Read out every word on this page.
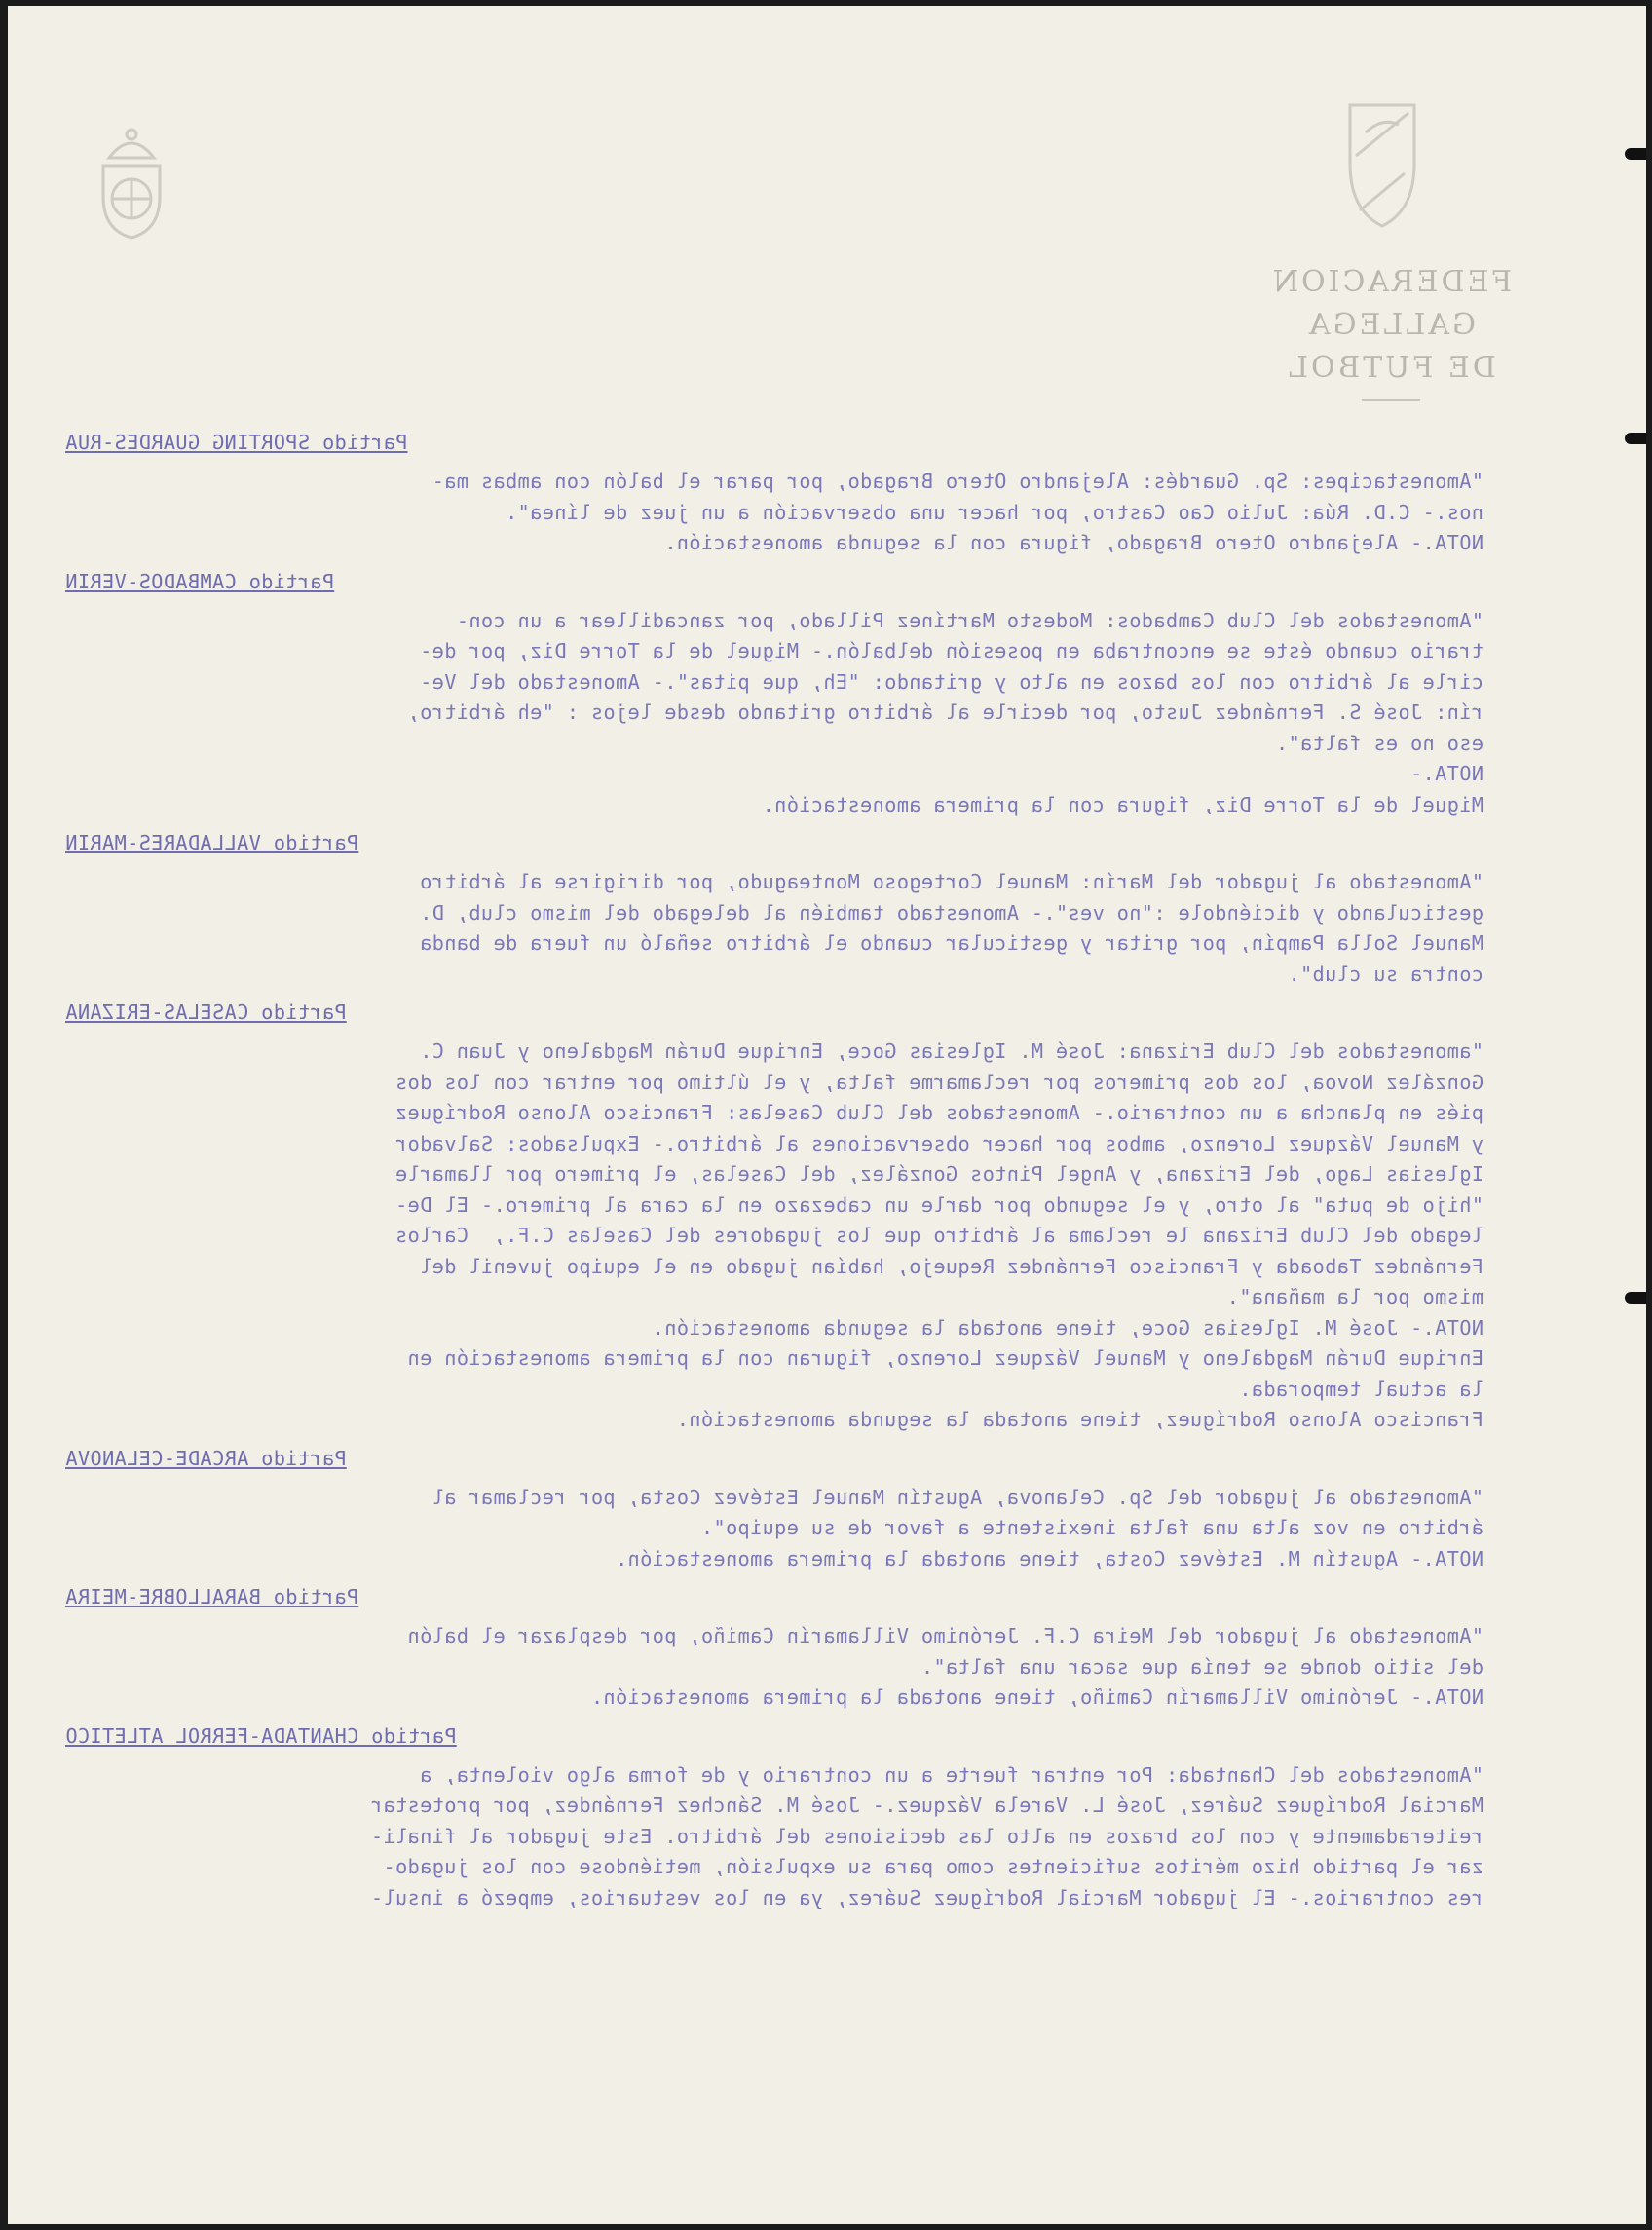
FEDERACION GALLEGA
DE FUTBOL
Partido SPORTING GUARDES-RUA
"Amonestacipes: Sp. Guardés: Alejandro Otero Bragado, por parar el balón con ambas ma-
nos.- C.D. Rúa: Julio Cao Castro, por hacer una observación a un juez de línea".
NOTA.- Alejandro Otero Bragado, figura con la segunda amonestación.
Partido CAMBADOS-VERIN
"Amonestados del Club Cambados: Modesto Martínez Pillado, por zancadillear a un con-
trario cuando éste se encontraba en posesión delbalón.- Miguel de la Torre Diz, por de-
cirle al árbitro con los bazos en alto y gritando: "Eh, que pitas".- Amonestado del Ve-
rín: José S. Fernández Justo, por decirle al árbitro gritando desde lejos : "eh árbitro,
eso no es falta".
NOTA.-
Miguel de la Torre Diz, figura con la primera amonestación.
Partido VALLADARES-MARIN
"Amonestado al jugador del Marín: Manuel Cortegoso Monteagudo, por dirigirse al árbitro
gesticulando y diciéndole :"no ves".- Amonestado también al delegado del mismo club, D.
Manuel Solla Pampín, por gritar y gesticular cuando el árbitro señaló un fuera de banda
contra su club".
Partido CASELAS-ERIZANA
"amonestados del Club Erizana: José M. Iglesias Goce, Enrique Durán Magdaleno y Juan C.
González Novoa, los dos primeros por reclamarme falta, y el último por entrar con los dos
piés en plancha a un contrario.- Amonestados del Club Caselas: Francisco Alonso Rodríguez
y Manuel Vázquez Lorenzo, ambos por hacer observaciones al árbitro.- Expulsados: Salvador
Iglesias Lago, del Erizana, y Angel Pintos González, del Caselas, el primero por llamarle
"hijo de puta" al otro, y el segundo por darle un cabezazo en la cara al primero.- El De-
legado del Club Erizana le reclama al árbitro que los jugadores del Caselas C.F.,  Carlos
Fernández Taboada y Francisco Fernández Requejo, habían jugado en el equipo juvenil del
mismo por la mañana".
NOTA.- José M. Iglesias Goce, tiene anotada la segunda amonestación.
Enrique Durán Magdaleno y Manuel Vázquez Lorenzo, figuran con la primera amonestación en
la actual temporada.
Francisco Alonso Rodríguez, tiene anotada la segunda amonestación.
Partido ARCADE-CELANOVA
"Amonestado al jugador del Sp. Celanova, Agustín Manuel Estévez Costa, por reclamar al
árbitro en voz alta una falta inexistente a favor de su equipo".
NOTA.- Agustín M. Estévez Costa, tiene anotada la primera amonestación.
Partido BARALLOBRE-MEIRA
"Amonestado al jugador del Meira C.F. Jerónimo Villamarín Camiño, por desplazar el balón
del sitio donde se tenía que sacar una falta".
NOTA.- Jerónimo Villamarín Camiño, tiene anotada la primera amonestación.
Partido CHANTADA-FERROL ATLETICO
"Amonestados del Chantada: Por entrar fuerte a un contrario y de forma algo violenta, a
Marcial Rodríguez Suárez, José L. Varela Vázquez.- José M. Sánchez Fernández, por protestar
reiteradamente y con los brazos en alto las decisiones del árbitro. Este jugador al finali-
zar el partido hizo méritos suficientes como para su expulsión, metiéndose con los jugado-
res contrarios.- El jugador Marcial Rodríguez Suárez, ya en los vestuarios, empezó a insul-
